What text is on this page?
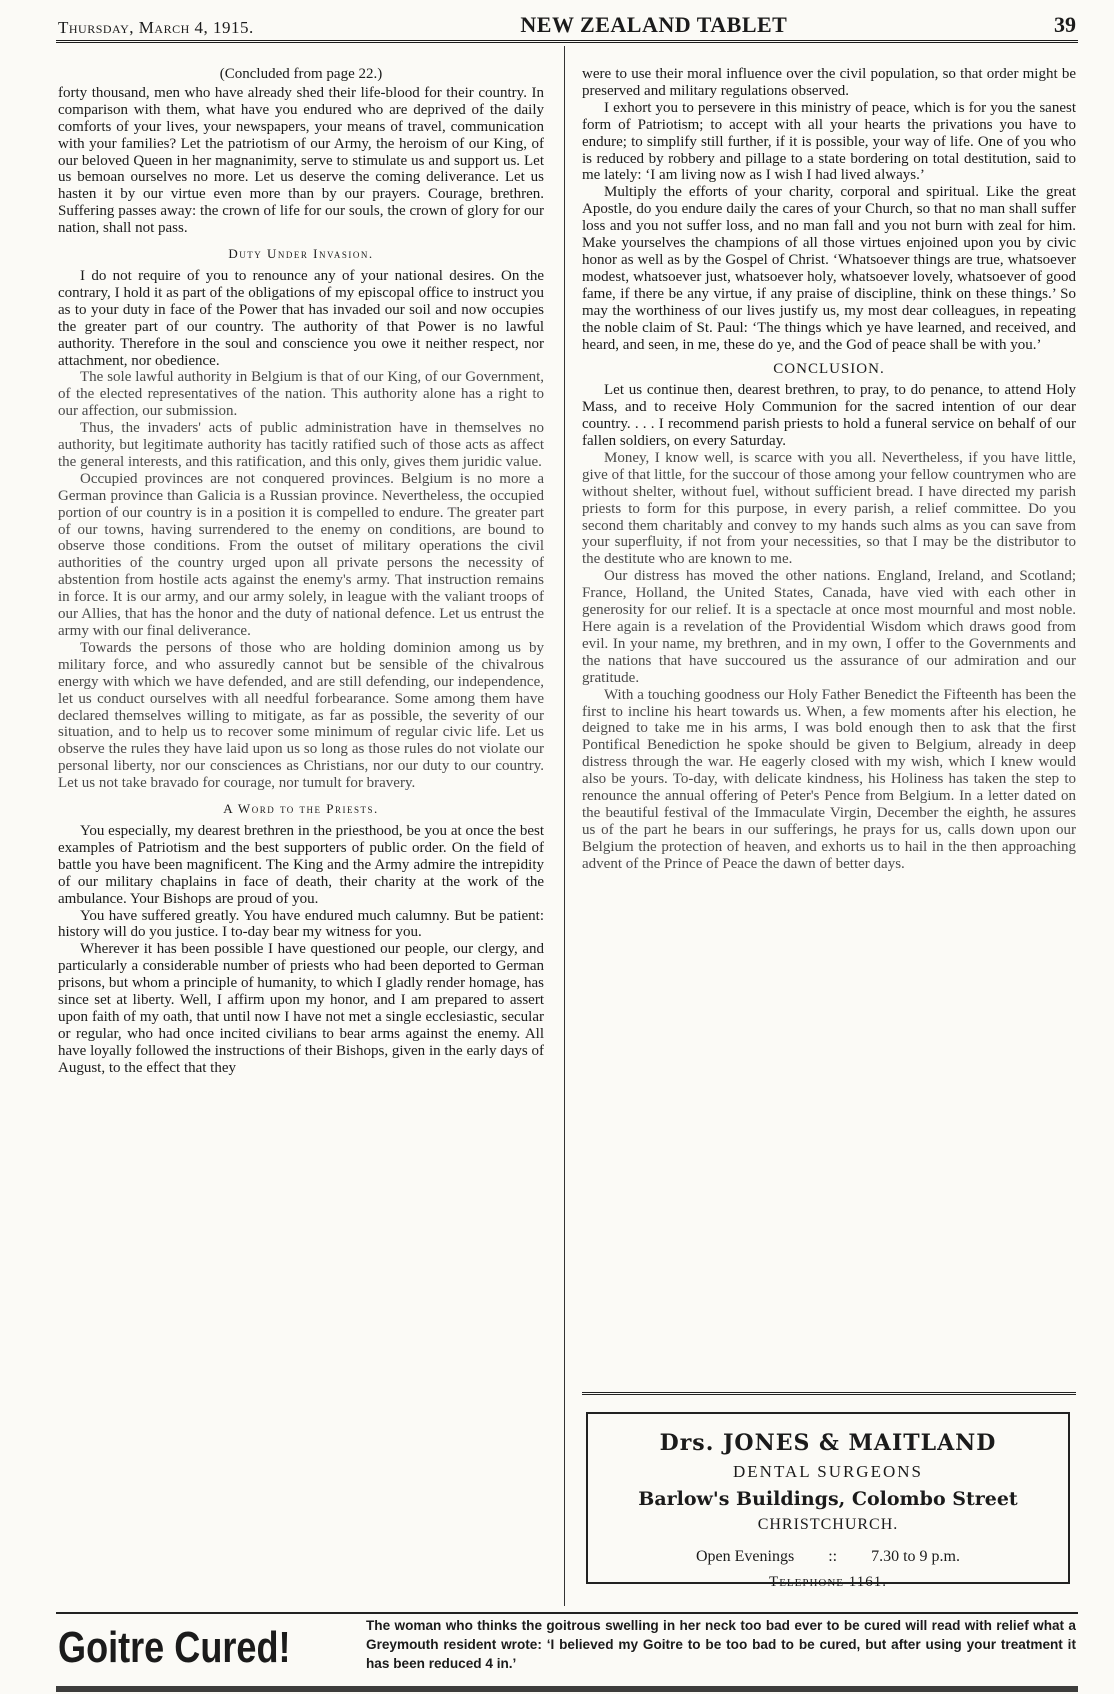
Thursday, March 4, 1915.	NEW ZEALAND TABLET	39
(Concluded from page 22.)

forty thousand, men who have already shed their life-blood for their country. In comparison with them, what have you endured who are deprived of the daily comforts of your lives, your newspapers, your means of travel, communication with your families? Let the patriotism of our Army, the heroism of our King, of our beloved Queen in her magnanimity, serve to stimulate us and support us. Let us bemoan ourselves no more. Let us deserve the coming deliverance. Let us hasten it by our virtue even more than by our prayers. Courage, brethren. Suffering passes away: the crown of life for our souls, the crown of glory for our nation, shall not pass.

Duty Under Invasion.

I do not require of you to renounce any of your national desires. On the contrary, I hold it as part of the obligations of my episcopal office to instruct you as to your duty in face of the Power that has invaded our soil and now occupies the greater part of our country. The authority of that Power is no lawful authority. Therefore in the soul and conscience you owe it neither respect, nor attachment, nor obedience.

The sole lawful authority in Belgium is that of our King, of our Government, of the elected representatives of the nation. This authority alone has a right to our affection, our submission.

Thus, the invaders' acts of public administration have in themselves no authority, but legitimate authority has tacitly ratified such of those acts as affect the general interests, and this ratification, and this only, gives them juridic value.

Occupied provinces are not conquered provinces. Belgium is no more a German province than Galicia is a Russian province. Nevertheless, the occupied portion of our country is in a position it is compelled to endure. The greater part of our towns, having surrendered to the enemy on conditions, are bound to observe those conditions. From the outset of military operations the civil authorities of the country urged upon all private persons the necessity of abstention from hostile acts against the enemy's army. That instruction remains in force. It is our army, and our army solely, in league with the valiant troops of our Allies, that has the honor and the duty of national defence. Let us entrust the army with our final deliverance.

Towards the persons of those who are holding dominion among us by military force, and who assuredly cannot but be sensible of the chivalrous energy with which we have defended, and are still defending, our independence, let us conduct ourselves with all needful forbearance. Some among them have declared themselves willing to mitigate, as far as possible, the severity of our situation, and to help us to recover some minimum of regular civic life. Let us observe the rules they have laid upon us so long as those rules do not violate our personal liberty, nor our consciences as Christians, nor our duty to our country. Let us not take bravado for courage, nor tumult for bravery.

A Word to the Priests.

You especially, my dearest brethren in the priesthood, be you at once the best examples of Patriotism and the best supporters of public order. On the field of battle you have been magnificent. The King and the Army admire the intrepidity of our military chaplains in face of death, their charity at the work of the ambulance. Your Bishops are proud of you.

You have suffered greatly. You have endured much calumny. But be patient: history will do you justice. I to-day bear my witness for you.

Wherever it has been possible I have questioned our people, our clergy, and particularly a considerable number of priests who had been deported to German prisons, but whom a principle of humanity, to which I gladly render homage, has since set at liberty. Well, I affirm upon my honor, and I am prepared to assert upon faith of my oath, that until now I have not met a single ecclesiastic, secular or regular, who had once incited civilians to bear arms against the enemy. All have loyally followed the instructions of their Bishops, given in the early days of August, to the effect that they

were to use their moral influence over the civil population, so that order might be preserved and military regulations observed.

I exhort you to persevere in this ministry of peace, which is for you the sanest form of Patriotism; to accept with all your hearts the privations you have to endure; to simplify still further, if it is possible, your way of life. One of you who is reduced by robbery and pillage to a state bordering on total destitution, said to me lately: ‘I am living now as I wish I had lived always.’

Multiply the efforts of your charity, corporal and spiritual. Like the great Apostle, do you endure daily the cares of your Church, so that no man shall suffer loss and you not suffer loss, and no man fall and you not burn with zeal for him. Make yourselves the champions of all those virtues enjoined upon you by civic honor as well as by the Gospel of Christ. ‘Whatsoever things are true, whatsoever modest, whatsoever just, whatsoever holy, whatsoever lovely, whatsoever of good fame, if there be any virtue, if any praise of discipline, think on these things.’ So may the worthiness of our lives justify us, my most dear colleagues, in repeating the noble claim of St. Paul: ‘The things which ye have learned, and received, and heard, and seen, in me, these do ye, and the God of peace shall be with you.’

CONCLUSION.

Let us continue then, dearest brethren, to pray, to do penance, to attend Holy Mass, and to receive Holy Communion for the sacred intention of our dear country. . . . I recommend parish priests to hold a funeral service on behalf of our fallen soldiers, on every Saturday.

Money, I know well, is scarce with you all. Nevertheless, if you have little, give of that little, for the succour of those among your fellow countrymen who are without shelter, without fuel, without sufficient bread. I have directed my parish priests to form for this purpose, in every parish, a relief committee. Do you second them charitably and convey to my hands such alms as you can save from your superfluity, if not from your necessities, so that I may be the distributor to the destitute who are known to me.

Our distress has moved the other nations. England, Ireland, and Scotland; France, Holland, the United States, Canada, have vied with each other in generosity for our relief. It is a spectacle at once most mournful and most noble. Here again is a revelation of the Providential Wisdom which draws good from evil. In your name, my brethren, and in my own, I offer to the Governments and the nations that have succoured us the assurance of our admiration and our gratitude.

With a touching goodness our Holy Father Benedict the Fifteenth has been the first to incline his heart towards us. When, a few moments after his election, he deigned to take me in his arms, I was bold enough then to ask that the first Pontifical Benediction he spoke should be given to Belgium, already in deep distress through the war. He eagerly closed with my wish, which I knew would also be yours. To-day, with delicate kindness, his Holiness has taken the step to renounce the annual offering of Peter's Pence from Belgium. In a letter dated on the beautiful festival of the Immaculate Virgin, December the eighth, he assures us of the part he bears in our sufferings, he prays for us, calls down upon our Belgium the protection of heaven, and exhorts us to hail in the then approaching advent of the Prince of Peace the dawn of better days.

Drs. JONES & MAITLAND
DENTAL SURGEONS
Barlow's Buildings, Colombo Street
CHRISTCHURCH.
Open Evenings :: 7.30 to 9 p.m.
Telephone 1161.
Goitre Cured!	The woman who thinks the goitrous swelling in her neck too bad ever to be cured will read with relief what a Greymouth resident wrote: ‘I believed my Goitre to be too bad to be cured, but after using your treatment it has been reduced 4 in.’
